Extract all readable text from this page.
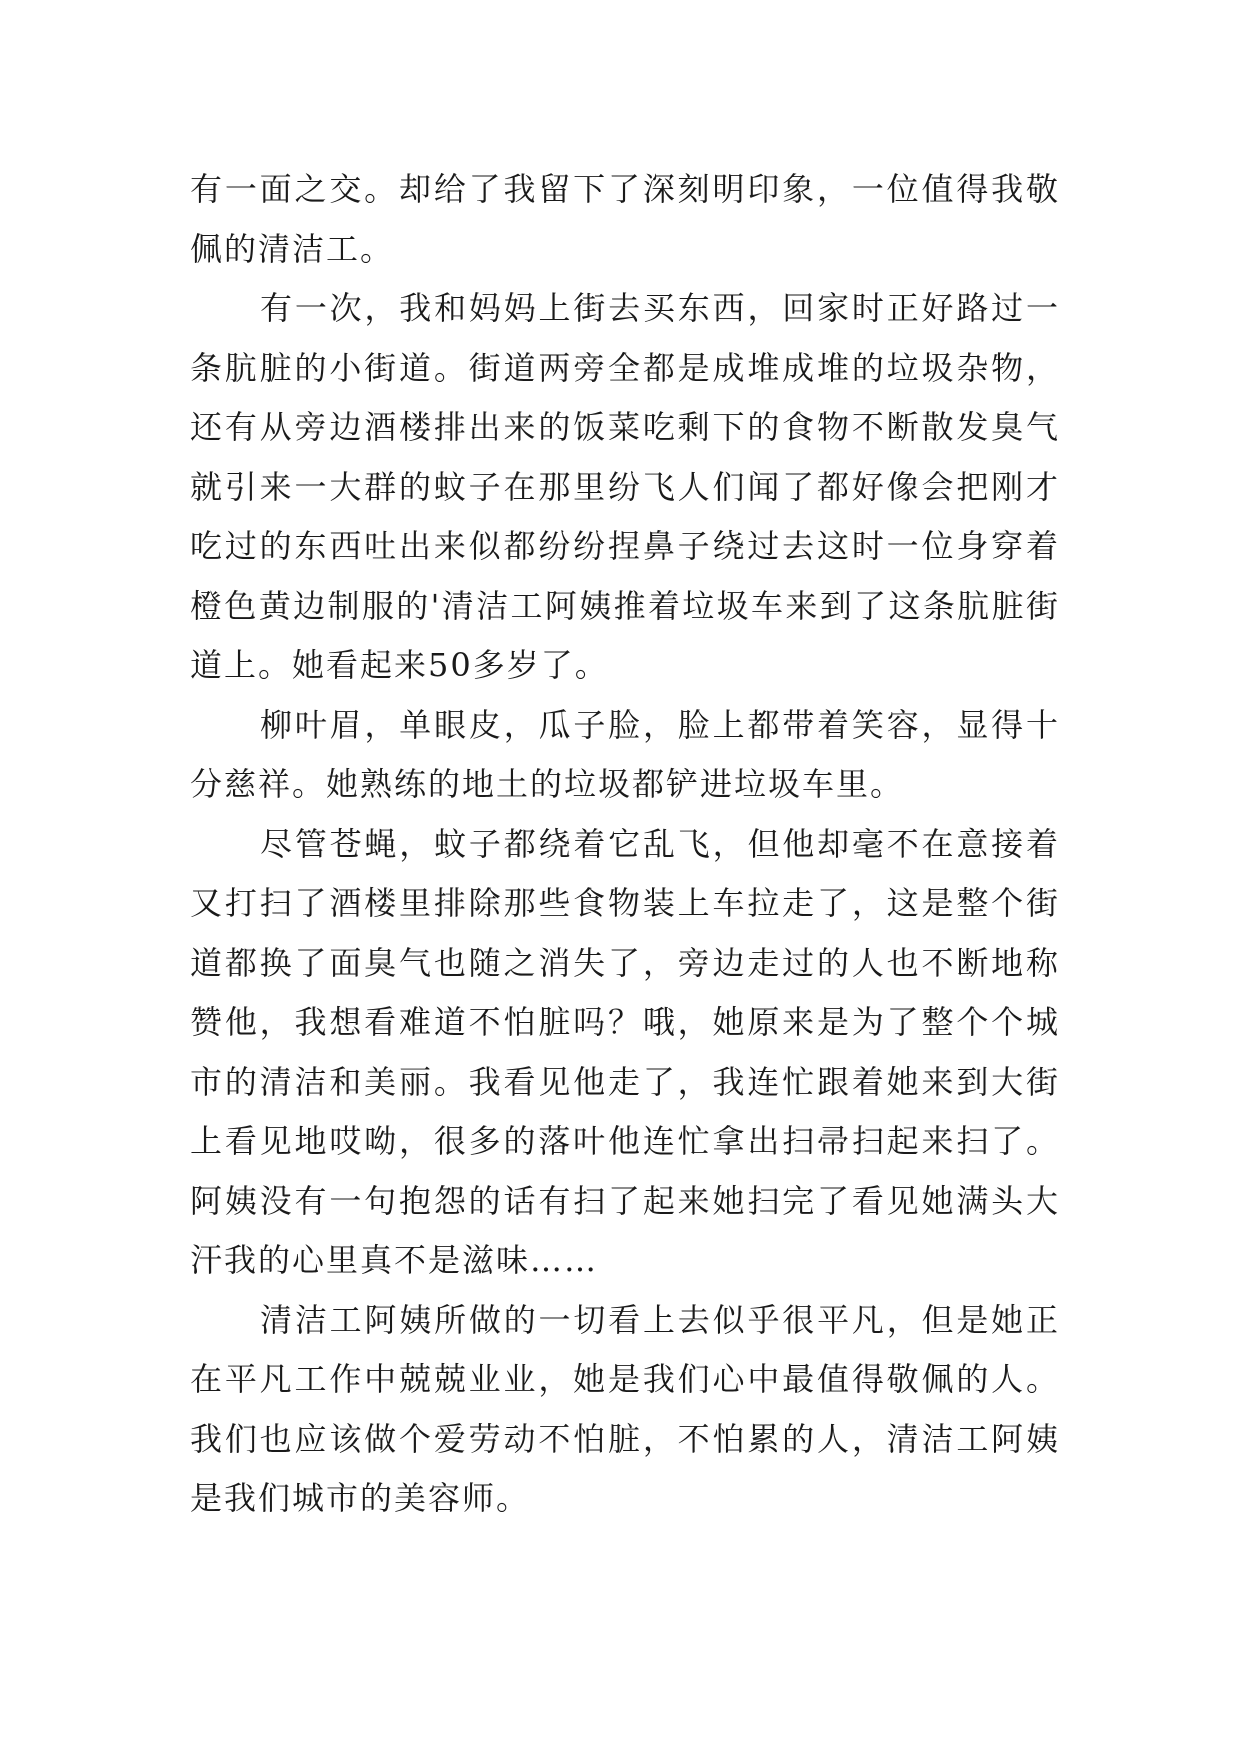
有一面之交。却给了我留下了深刻明印象，一位值得我敬佩的清洁工。

有一次，我和妈妈上街去买东西，回家时正好路过一条肮脏的小街道。街道两旁全都是成堆成堆的垃圾杂物，还有从旁边酒楼排出来的饭菜吃剩下的食物不断散发臭气就引来一大群的蚊子在那里纷飞人们闻了都好像会把刚才吃过的东西吐出来似都纷纷捏鼻子绕过去这时一位身穿着橙色黄边制服的'清洁工阿姨推着垃圾车来到了这条肮脏街道上。她看起来50多岁了。

柳叶眉，单眼皮，瓜子脸，脸上都带着笑容，显得十分慈祥。她熟练的地土的垃圾都铲进垃圾车里。

尽管苍蝇，蚊子都绕着它乱飞，但他却毫不在意接着又打扫了酒楼里排除那些食物装上车拉走了，这是整个街道都换了面臭气也随之消失了，旁边走过的人也不断地称赞他，我想看难道不怕脏吗？哦，她原来是为了整个个城市的清洁和美丽。我看见他走了，我连忙跟着她来到大街上看见地哎呦，很多的落叶他连忙拿出扫帚扫起来扫了。阿姨没有一句抱怨的话有扫了起来她扫完了看见她满头大汗我的心里真不是滋味……

清洁工阿姨所做的一切看上去似乎很平凡，但是她正在平凡工作中兢兢业业，她是我们心中最值得敬佩的人。我们也应该做个爱劳动不怕脏，不怕累的人，清洁工阿姨是我们城市的美容师。
